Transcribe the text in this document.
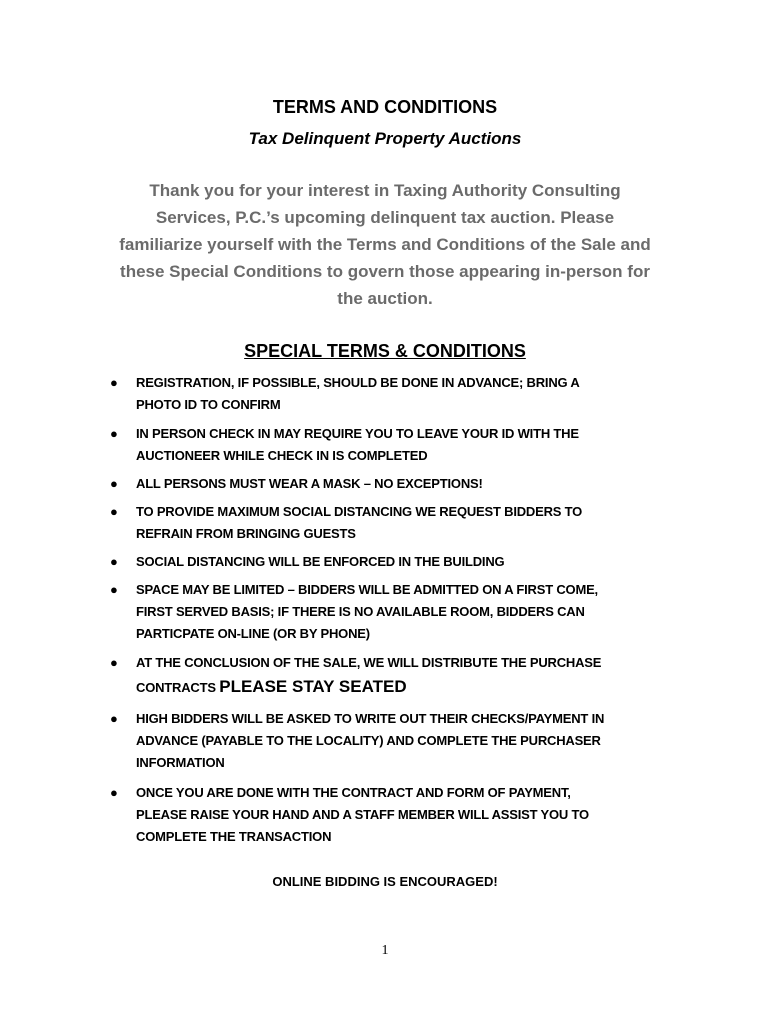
TERMS AND CONDITIONS
Tax Delinquent Property Auctions
Thank you for your interest in Taxing Authority Consulting
Services, P.C.’s upcoming delinquent tax auction. Please
familiarize yourself with the Terms and Conditions of the Sale and
these Special Conditions to govern those appearing in-person for
the auction.
SPECIAL TERMS & CONDITIONS
● REGISTRATION, IF POSSIBLE, SHOULD BE DONE IN ADVANCE; BRING A
PHOTO ID TO CONFIRM
● IN PERSON CHECK IN MAY REQUIRE YOU TO LEAVE YOUR ID WITH THE
AUCTIONEER WHILE CHECK IN IS COMPLETED
● ALL PERSONS MUST WEAR A MASK – NO EXCEPTIONS!
● TO PROVIDE MAXIMUM SOCIAL DISTANCING WE REQUEST BIDDERS TO
REFRAIN FROM BRINGING GUESTS
● SOCIAL DISTANCING WILL BE ENFORCED IN THE BUILDING
● SPACE MAY BE LIMITED – BIDDERS WILL BE ADMITTED ON A FIRST COME,
FIRST SERVED BASIS; IF THERE IS NO AVAILABLE ROOM, BIDDERS CAN
PARTICPATE ON-LINE (OR BY PHONE)
● AT THE CONCLUSION OF THE SALE, WE WILL DISTRIBUTE THE PURCHASE
CONTRACTS PLEASE STAY SEATED
● HIGH BIDDERS WILL BE ASKED TO WRITE OUT THEIR CHECKS/PAYMENT IN
ADVANCE (PAYABLE TO THE LOCALITY) AND COMPLETE THE PURCHASER
INFORMATION
● ONCE YOU ARE DONE WITH THE CONTRACT AND FORM OF PAYMENT,
PLEASE RAISE YOUR HAND AND A STAFF MEMBER WILL ASSIST YOU TO
COMPLETE THE TRANSACTION
ONLINE BIDDING IS ENCOURAGED!
1
